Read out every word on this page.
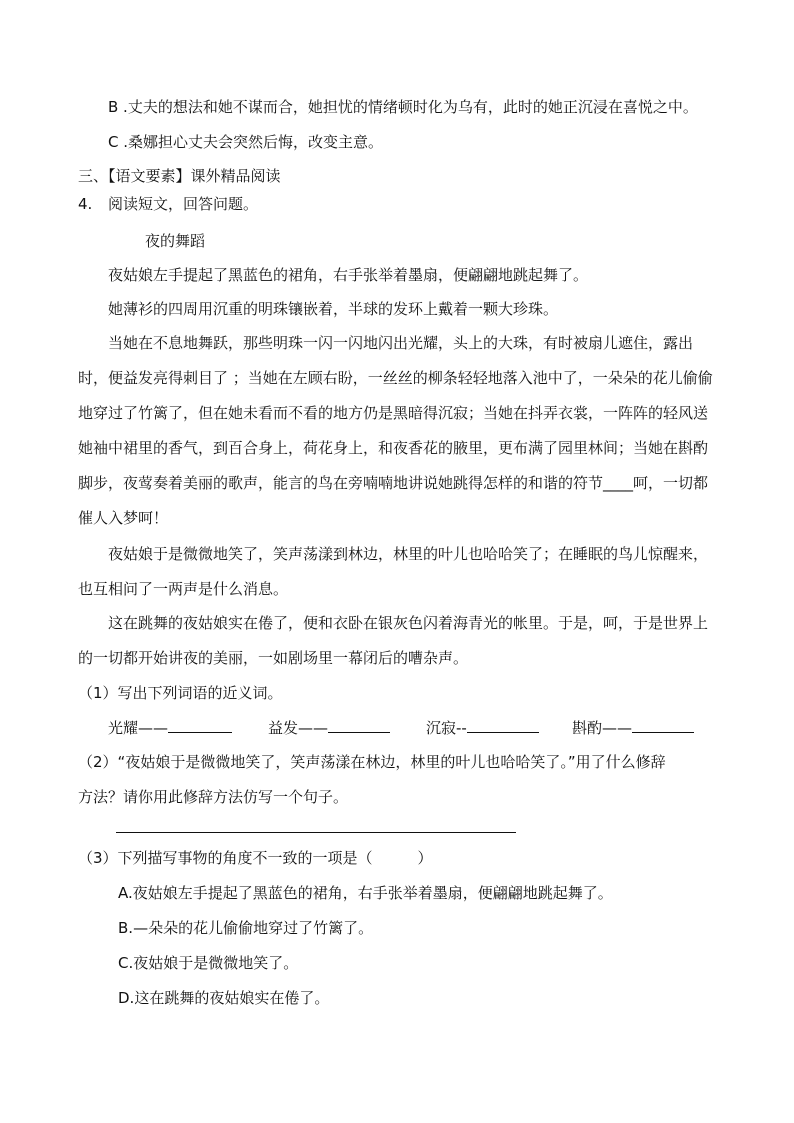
B .丈夫的想法和她不谋而合，她担忧的情绪顿时化为乌有，此时的她正沉浸在喜悦之中。
C .桑娜担心丈夫会突然后悔，改变主意。
三、【语文要素】课外精品阅读
4. 阅读短文，回答问题。
夜的舞蹈
夜姑娘左手提起了黑蓝色的裙角，右手张举着墨扇，便翩翩地跳起舞了。
她薄衫的四周用沉重的明珠镶嵌着，半球的发环上戴着一颗大珍珠。
当她在不息地舞跃，那些明珠一闪一闪地闪出光耀，头上的大珠，有时被扇儿遮住，露出时，便益发亮得刺目了 ；当她在左顾右盼，一丝丝的柳条轻轻地落入池中了，一朵朵的花儿偷偷地穿过了竹篱了，但在她未看而不看的地方仍是黑暗得沉寂；当她在抖弄衣裳，一阵阵的轻风送她袖中裙里的香气，到百合身上，荷花身上，和夜香花的腋里，更布满了园里林间；当她在斟酌脚步，夜莺奏着美丽的歌声，能言的鸟在旁喃喃地讲说她跳得怎样的和谐的符节____呵，一切都催人入梦呵！
夜姑娘于是微微地笑了，笑声荡漾到林边，林里的叶儿也哈哈笑了；在睡眠的鸟儿惊醒来，也互相问了一两声是什么消息。
这在跳舞的夜姑娘实在倦了，便和衣卧在银灰色闪着海青光的帐里。于是，呵，于是世界上的一切都开始讲夜的美丽，一如剧场里一幕闭后的嘈杂声。
（1）写出下列词语的近义词。
光耀——	益发——	沉寂--	斟酌——
（2）“夜姑娘于是微微地笑了，笑声荡漾在林边，林里的叶儿也哈哈笑了。”用了什么修辞
方法？请你用此修辞方法仿写一个句子。
（3）下列描写事物的角度不一致的一项是（　　　）
A.夜姑娘左手提起了黑蓝色的裙角，右手张举着墨扇，便翩翩地跳起舞了。
B.—朵朵的花儿偷偷地穿过了竹篱了。
C.夜姑娘于是微微地笑了。
D.这在跳舞的夜姑娘实在倦了。
